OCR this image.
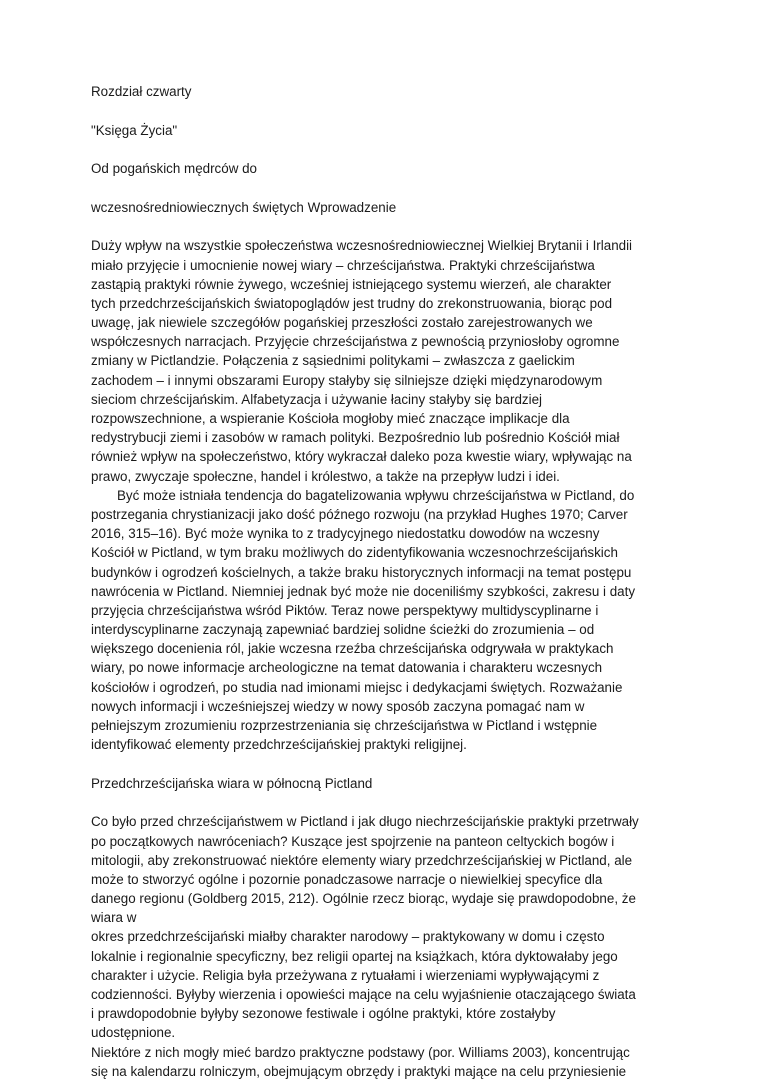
Rozdział czwarty
"Księga Życia"
Od pogańskich mędrców do
wczesnośredniowiecznych świętych Wprowadzenie
Duży wpływ na wszystkie społeczeństwa wczesnośredniowiecznej Wielkiej Brytanii i Irlandii
miało przyjęcie i umocnienie nowej wiary – chrześcijaństwa. Praktyki chrześcijaństwa
zastąpią praktyki równie żywego, wcześniej istniejącego systemu wierzeń, ale charakter
tych przedchrześcijańskich światopoglądów jest trudny do zrekonstruowania, biorąc pod
uwagę, jak niewiele szczegółów pogańskiej przeszłości zostało zarejestrowanych we
współczesnych narracjach. Przyjęcie chrześcijaństwa z pewnością przyniosłoby ogromne
zmiany w Pictlandzie. Połączenia z sąsiednimi politykami – zwłaszcza z gaelickim
zachodem – i innymi obszarami Europy stałyby się silniejsze dzięki międzynarodowym
sieciom chrześcijańskim. Alfabetyzacja i używanie łaciny stałyby się bardziej
rozpowszechnione, a wspieranie Kościoła mogłoby mieć znaczące implikacje dla
redystrybucji ziemi i zasobów w ramach polityki. Bezpośrednio lub pośrednio Kościół miał
również wpływ na społeczeństwo, który wykraczał daleko poza kwestie wiary, wpływając na
prawo, zwyczaje społeczne, handel i królestwo, a także na przepływ ludzi i idei.
Być może istniała tendencja do bagatelizowania wpływu chrześcijaństwa w Pictland, do
postrzegania chrystianizacji jako dość późnego rozwoju (na przykład Hughes 1970; Carver
2016, 315–16). Być może wynika to z tradycyjnego niedostatku dowodów na wczesny
Kościół w Pictland, w tym braku możliwych do zidentyfikowania wczesnochrześcijańskich
budynków i ogrodzeń kościelnych, a także braku historycznych informacji na temat postępu
nawrócenia w Pictland. Niemniej jednak być może nie doceniliśmy szybkości, zakresu i daty
przyjęcia chrześcijaństwa wśród Piktów. Teraz nowe perspektywy multidyscyplinarne i
interdyscyplinarne zaczynają zapewniać bardziej solidne ścieżki do zrozumienia – od
większego docenienia ról, jakie wczesna rzeźba chrześcijańska odgrywała w praktykach
wiary, po nowe informacje archeologiczne na temat datowania i charakteru wczesnych
kościołów i ogrodzeń, po studia nad imionami miejsc i dedykacjami świętych. Rozważanie
nowych informacji i wcześniejszej wiedzy w nowy sposób zaczyna pomagać nam w
pełniejszym zrozumieniu rozprzestrzeniania się chrześcijaństwa w Pictland i wstępnie
identyfikować elementy przedchrześcijańskiej praktyki religijnej.
Przedchrześcijańska wiara w północną Pictland
Co było przed chrześcijaństwem w Pictland i jak długo niechrześcijańskie praktyki przetrwały
po początkowych nawróceniach? Kuszące jest spojrzenie na panteon celtyckich bogów i
mitologii, aby zrekonstruować niektóre elementy wiary przedchrześcijańskiej w Pictland, ale
może to stworzyć ogólne i pozornie ponadczasowe narracje o niewielkiej specyfice dla
danego regionu (Goldberg 2015, 212). Ogólnie rzecz biorąc, wydaje się prawdopodobne, że
wiara w
okres przedchrześcijański miałby charakter narodowy – praktykowany w domu i często
lokalnie i regionalnie specyficzny, bez religii opartej na książkach, która dyktowałaby jego
charakter i użycie. Religia była przeżywana z rytuałami i wierzeniami wypływającymi z
codzienności. Byłyby wierzenia i opowieści mające na celu wyjaśnienie otaczającego świata
i prawdopodobnie byłyby sezonowe festiwale i ogólne praktyki, które zostałyby
udostępnione.
Niektóre z nich mogły mieć bardzo praktyczne podstawy (por. Williams 2003), koncentrując
się na kalendarzu rolniczym, obejmującym obrzędy i praktyki mające na celu przyniesienie
